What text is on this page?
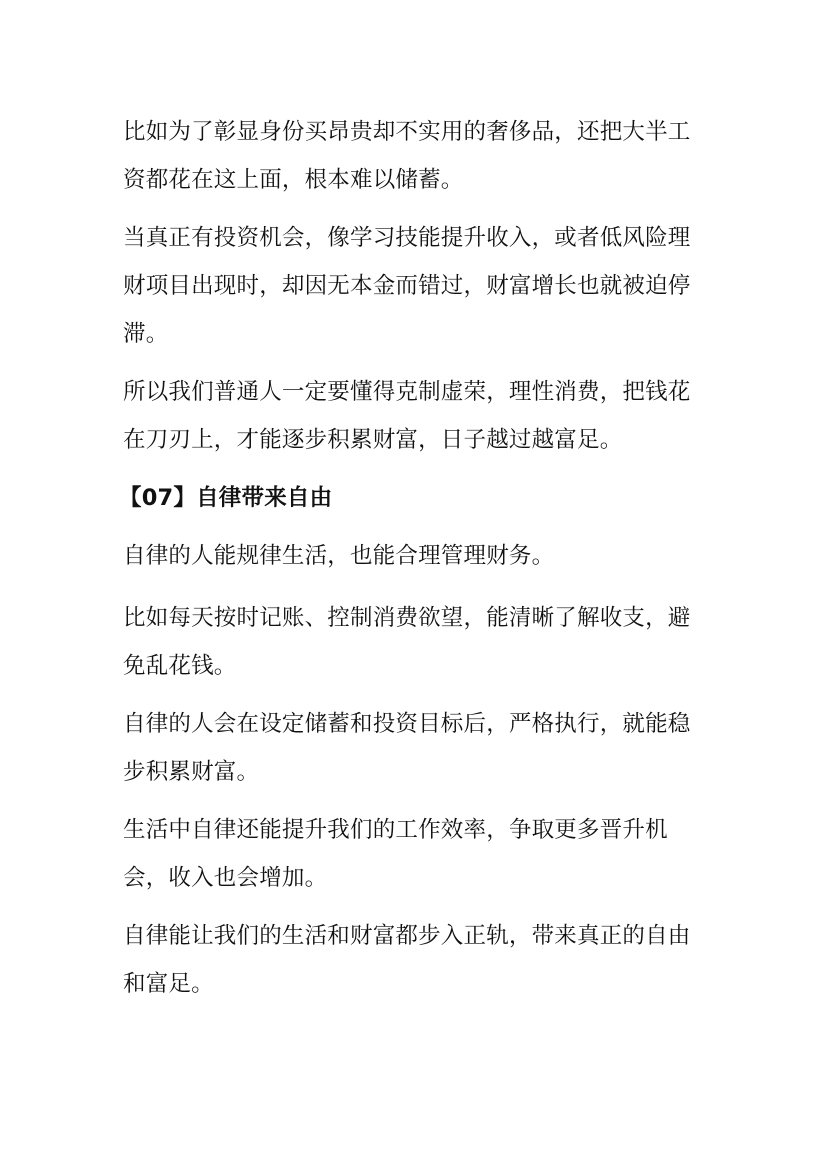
比如为了彰显身份买昂贵却不实用的奢侈品，还把大半工资都花在这上面，根本难以储蓄。

当真正有投资机会，像学习技能提升收入，或者低风险理财项目出现时，却因无本金而错过，财富增长也就被迫停滞。

所以我们普通人一定要懂得克制虚荣，理性消费，把钱花在刀刃上，才能逐步积累财富，日子越过越富足。

【07】自律带来自由

自律的人能规律生活，也能合理管理财务。

比如每天按时记账、控制消费欲望，能清晰了解收支，避免乱花钱。

自律的人会在设定储蓄和投资目标后，严格执行，就能稳步积累财富。

生活中自律还能提升我们的工作效率，争取更多晋升机会，收入也会增加。

自律能让我们的生活和财富都步入正轨，带来真正的自由和富足。
